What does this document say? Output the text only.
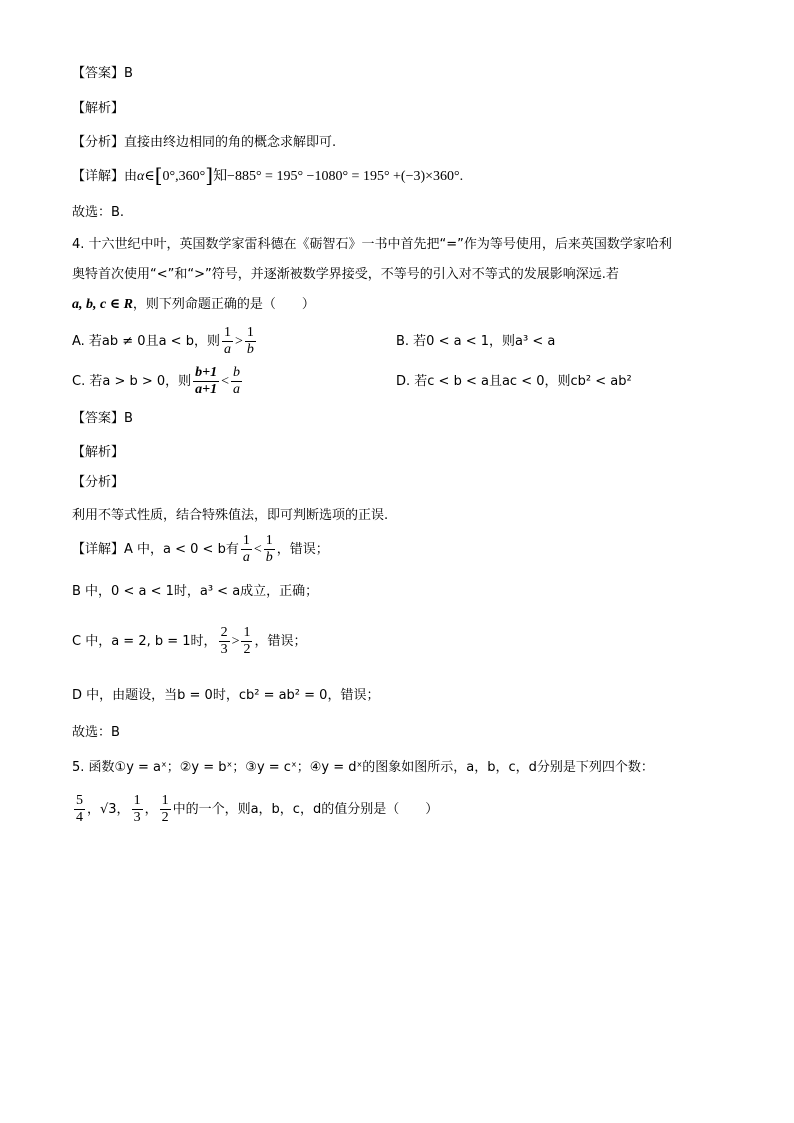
【答案】B
【解析】
【分析】直接由终边相同的角的概念求解即可.
【详解】由α∈[0°,360°]知−885° = 195° −1080° = 195° +(−3)×360°.
故选：B.
4. 十六世纪中叶，英国数学家雷科德在《砺智石》一书中首先把“=”作为等号使用，后来英国数学家哈利
奥特首次使用“<”和“>”符号，并逐渐被数学界接受，不等号的引入对不等式的发展影响深远.若
a, b, c ∈ R，则下列命题正确的是（　　）
A. 若ab ≠ 0且a < b，则 $\frac{1}{a} > \frac{1}{b}$	B. 若0 < a < 1，则a³ < a
C. 若a > b > 0，则 $\frac{b+1}{a+1} < \frac{b}{a}$	D. 若c < b < a且ac < 0，则cb² < ab²
【答案】B
【解析】
【分析】
利用不等式性质，结合特殊值法，即可判断选项的正误.
【详解】A 中，a < 0 < b有 $\frac{1}{a} < \frac{1}{b}$ ，错误；
B 中，0 < a < 1时，a³ < a成立，正确；
C 中，a = 2, b = 1时， $\frac{2}{3} > \frac{1}{2}$ ，错误；
D 中，由题设，当b = 0时，cb² = ab² = 0，错误；
故选：B
5. 函数①y = aˣ；②y = bˣ；③y = cˣ；④y = dˣ的图象如图所示，a，b，c，d分别是下列四个数：
$\frac{5}{4}$ ，√3， $\frac{1}{3}$ ， $\frac{1}{2}$ 中的一个，则a，b，c，d的值分别是（　　）
